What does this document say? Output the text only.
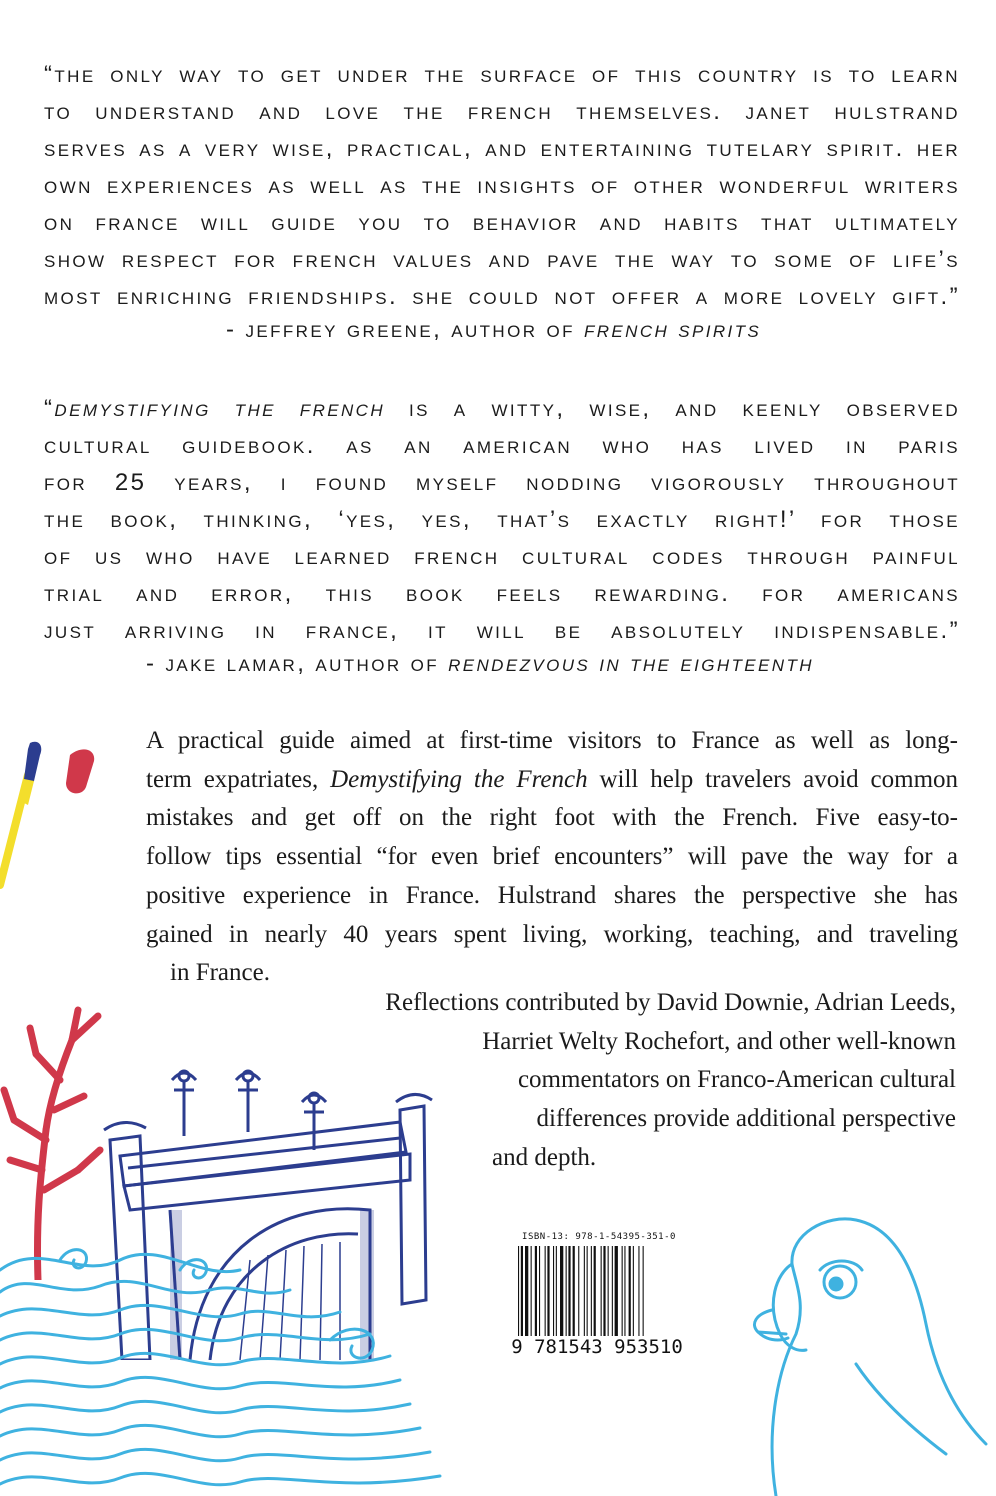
“the only way to get under the surface of this country is to learn
to understand and love the french themselves. janet hulstrand
serves as a very wise, practical, and entertaining tutelary spirit. her
own experiences as well as the insights of other wonderful writers
on france will guide you to behavior and habits that ultimately
show respect for french values and pave the way to some of life’s
most enriching friendships. she could not offer a more lovely gift.”
- jeffrey greene, author of french spirits
“demystifying the french is a witty, wise, and keenly observed
cultural guidebook. as an american who has lived in paris
for 25 years, i found myself nodding vigorously throughout
the book, thinking, ‘yes, yes, that’s exactly right!’ for those
of us who have learned french cultural codes through painful
trial and error, this book feels rewarding. for americans
just arriving in france, it will be absolutely indispensable.”
- jake lamar, author of rendezvous in the eighteenth
A practical guide aimed at first-time visitors to France as well as long-
term expatriates, Demystifying the French will help travelers avoid common
mistakes and get off on the right foot with the French. Five easy-to-
follow tips essential “for even brief encounters” will pave the way for a
positive experience in France. Hulstrand shares the perspective she has
gained in nearly 40 years spent living, working, teaching, and traveling
in France.
Reflections contributed by David Downie, Adrian Leeds,
Harriet Welty Rochefort, and other well-known
commentators on Franco-American cultural
differences provide additional perspective
and depth.
ISBN-13: 978-1-54395-351-0
9 781543 953510
